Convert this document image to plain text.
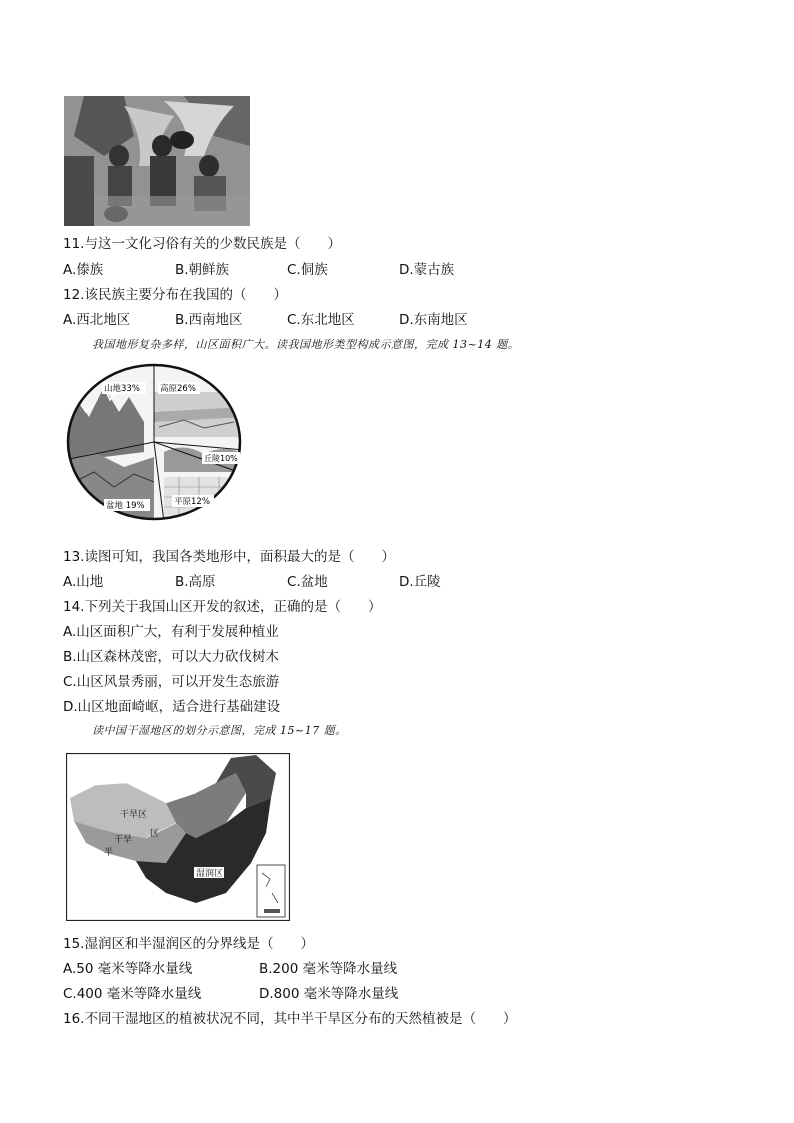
11.与这一文化习俗有关的少数民族是（　　）
A.傣族	B.朝鲜族	C.侗族	D.蒙古族
12.该民族主要分布在我国的（　　）
A.西北地区	B.西南地区	C.东北地区	D.东南地区
我国地形复杂多样，山区面积广大。读我国地形类型构成示意图，完成 13~14 题。
山地33% 高原26%
丘陵10%
平原12%
盆地 19%
13.读图可知，我国各类地形中，面积最大的是（　　）
A.山地	B.高原	C.盆地	D.丘陵
14.下列关于我国山区开发的叙述，正确的是（　　）
A.山区面积广大，有利于发展种植业
B.山区森林茂密，可以大力砍伐树木
C.山区风景秀丽，可以开发生态旅游
D.山区地面崎岖，适合进行基础建设
读中国干湿地区的划分示意图，完成 15~17 题。
干旱区
半
干旱
区
湿润区
15.湿润区和半湿润区的分界线是（　　）
A.50 毫米等降水量线	B.200 毫米等降水量线
C.400 毫米等降水量线	D.800 毫米等降水量线
16.不同干湿地区的植被状况不同，其中半干旱区分布的天然植被是（　　）
